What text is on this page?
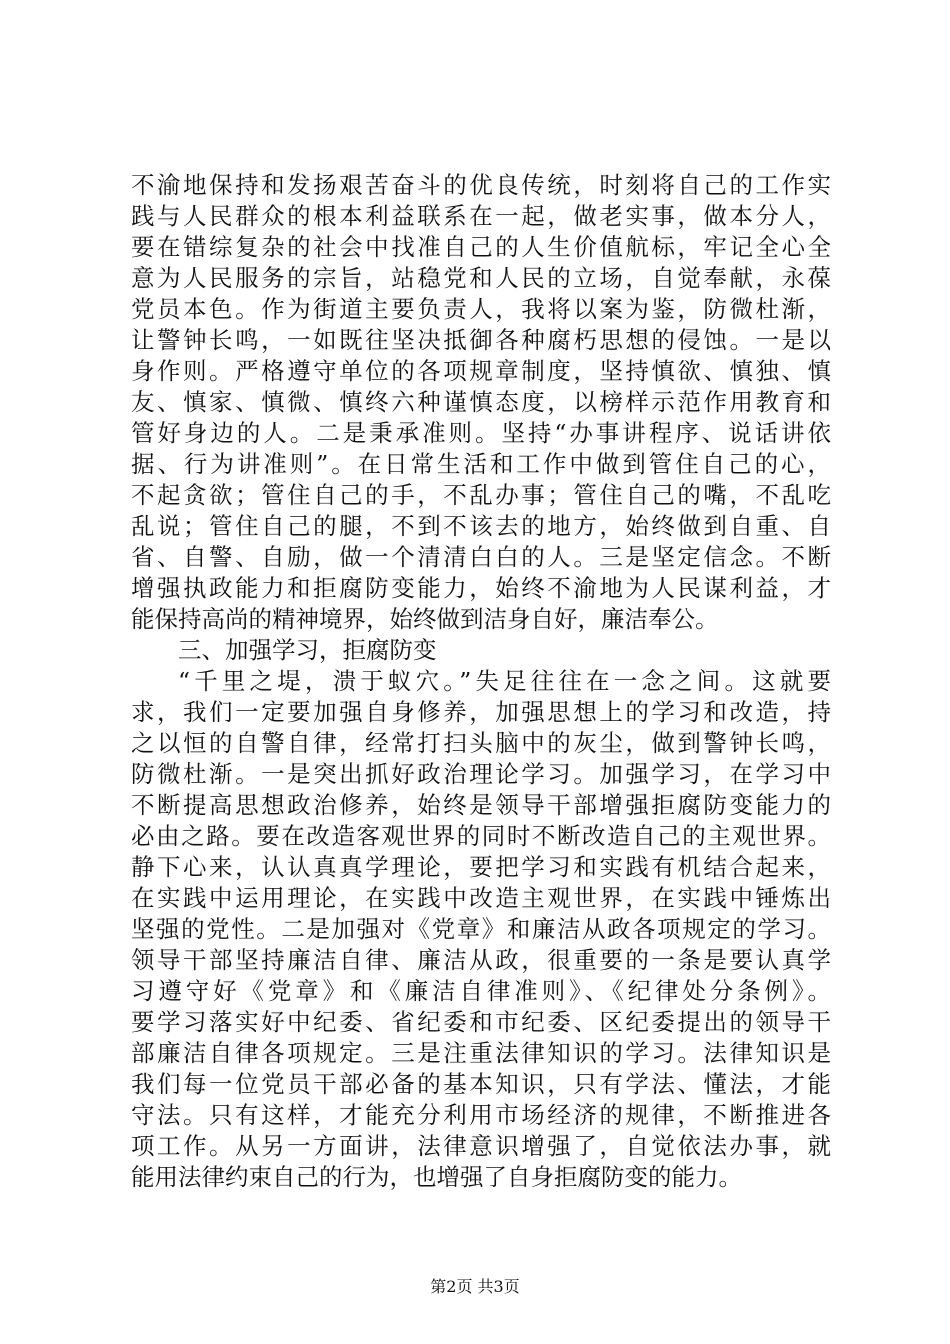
不渝地保持和发扬艰苦奋斗的优良传统，时刻将自己的工作实
践与人民群众的根本利益联系在一起，做老实事，做本分人，
要在错综复杂的社会中找准自己的人生价值航标，牢记全心全
意为人民服务的宗旨，站稳党和人民的立场，自觉奉献，永葆
党员本色。作为街道主要负责人，我将以案为鉴，防微杜渐，
让警钟长鸣，一如既往坚决抵御各种腐朽思想的侵蚀。一是以
身作则。严格遵守单位的各项规章制度，坚持慎欲、慎独、慎
友、慎家、慎微、慎终六种谨慎态度，以榜样示范作用教育和
管好身边的人。二是秉承准则。坚持“办事讲程序、说话讲依
据、行为讲准则”。在日常生活和工作中做到管住自己的心，
不起贪欲；管住自己的手，不乱办事；管住自己的嘴，不乱吃
乱说；管住自己的腿，不到不该去的地方，始终做到自重、自
省、自警、自励，做一个清清白白的人。三是坚定信念。不断
增强执政能力和拒腐防变能力，始终不渝地为人民谋利益，才
能保持高尚的精神境界，始终做到洁身自好，廉洁奉公。
三、加强学习，拒腐防变
“千里之堤，溃于蚁穴。”失足往往在一念之间。这就要
求，我们一定要加强自身修养，加强思想上的学习和改造，持
之以恒的自警自律，经常打扫头脑中的灰尘，做到警钟长鸣，
防微杜渐。一是突出抓好政治理论学习。加强学习，在学习中
不断提高思想政治修养，始终是领导干部增强拒腐防变能力的
必由之路。要在改造客观世界的同时不断改造自己的主观世界。
静下心来，认认真真学理论，要把学习和实践有机结合起来，
在实践中运用理论，在实践中改造主观世界，在实践中锤炼出
坚强的党性。二是加强对《党章》和廉洁从政各项规定的学习。
领导干部坚持廉洁自律、廉洁从政，很重要的一条是要认真学
习遵守好《党章》和《廉洁自律准则》、《纪律处分条例》。
要学习落实好中纪委、省纪委和市纪委、区纪委提出的领导干
部廉洁自律各项规定。三是注重法律知识的学习。法律知识是
我们每一位党员干部必备的基本知识，只有学法、懂法，才能
守法。只有这样，才能充分利用市场经济的规律，不断推进各
项工作。从另一方面讲，法律意识增强了，自觉依法办事，就
能用法律约束自己的行为，也增强了自身拒腐防变的能力。
第2页 共3页
